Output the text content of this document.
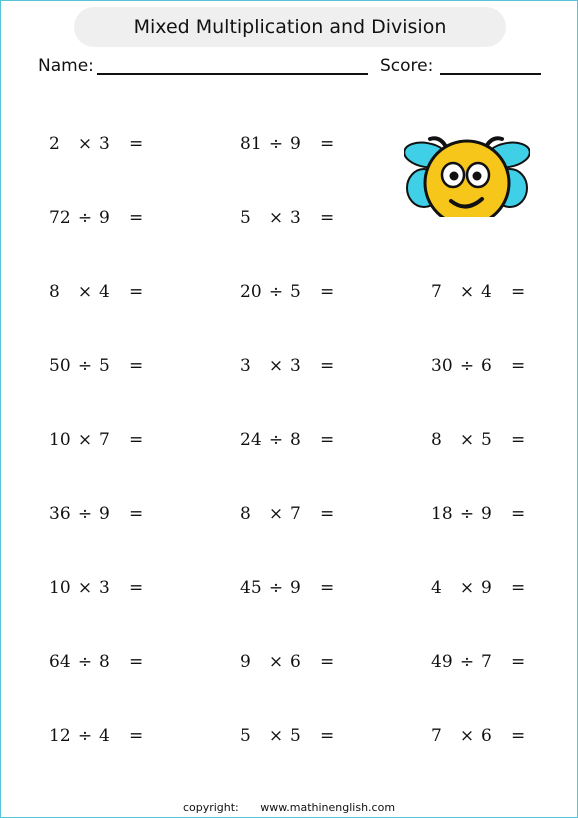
Mixed Multiplication and Division
Name:	Score:
2 × 3 =	81 ÷ 9 =
72 ÷ 9 =	5 × 3 =
8 × 4 =	20 ÷ 5 =	7 × 4 =
50 ÷ 5 =	3 × 3 =	30 ÷ 6 =
10 × 7 =	24 ÷ 8 =	8 × 5 =
36 ÷ 9 =	8 × 7 =	18 ÷ 9 =
10 × 3 =	45 ÷ 9 =	4 × 9 =
64 ÷ 8 =	9 × 6 =	49 ÷ 7 =
12 ÷ 4 =	5 × 5 =	7 × 6 =
copyright: www.mathinenglish.com
